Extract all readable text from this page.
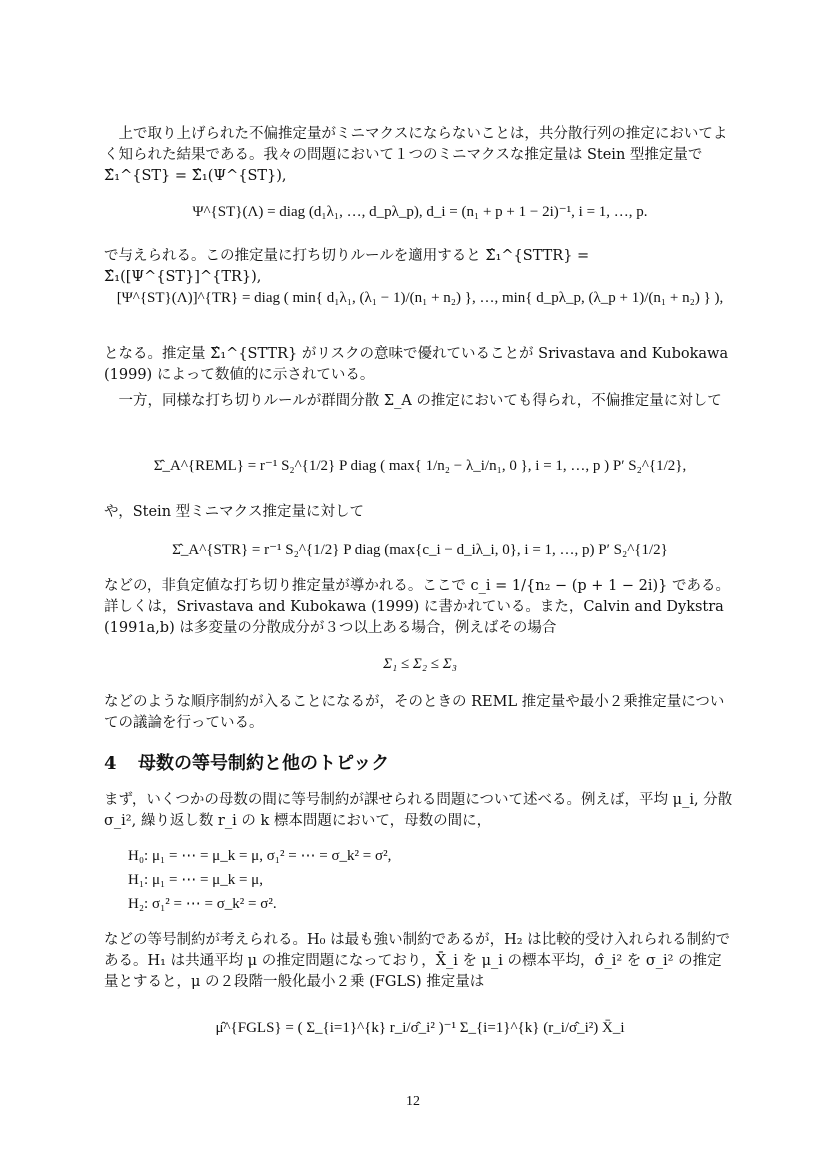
上で取り上げられた不偏推定量がミニマクスにならないことは，共分散行列の推定においてよく知られた結果である。我々の問題において１つのミニマクスな推定量は Stein 型推定量で Σ̂₁^{ST} = Σ̂₁(Ψ^{ST}),

Ψ^{ST}(Λ) = diag (d₁λ₁, …, d_pλ_p), d_i = (n₁ + p + 1 − 2i)⁻¹, i = 1, …, p.

で与えられる。この推定量に打ち切りルールを適用すると Σ̂₁^{STTR} = Σ̂₁([Ψ^{ST}]^{TR}),

[Ψ^{ST}(Λ)]^{TR} = diag ( min{ d₁λ₁, (λ₁ − 1)/(n₁ + n₂) }, …, min{ d_pλ_p, (λ_p + 1)/(n₁ + n₂) } ),

となる。推定量 Σ̂₁^{STTR} がリスクの意味で優れていることが Srivastava and Kubokawa (1999) によって数値的に示されている。

一方，同様な打ち切りルールが群間分散 Σ_A の推定においても得られ，不偏推定量に対して

Σ̂_A^{REML} = r⁻¹ S₂^{1/2} P diag ( max{ 1/n₂ − λ_i/n₁, 0 }, i = 1, …, p ) P′ S₂^{1/2},

や，Stein 型ミニマクス推定量に対して

Σ̂_A^{STR} = r⁻¹ S₂^{1/2} P diag (max{c_i − d_iλ_i, 0}, i = 1, …, p) P′ S₂^{1/2}

などの，非負定値な打ち切り推定量が導かれる。ここで c_i = 1/{n₂ − (p + 1 − 2i)} である。詳しくは，Srivastava and Kubokawa (1999) に書かれている。また，Calvin and Dykstra (1991a,b) は多変量の分散成分が３つ以上ある場合，例えばその場合

Σ₁ ≤ Σ₂ ≤ Σ₃

などのような順序制約が入ることになるが，そのときの REML 推定量や最小２乗推定量についての議論を行っている。

4 母数の等号制約と他のトピック

まず，いくつかの母数の間に等号制約が課せられる問題について述べる。例えば，平均 μ_i, 分散 σ_i², 繰り返し数 r_i の k 標本問題において，母数の間に，

H₀: μ₁ = ⋯ = μ_k = μ, σ₁² = ⋯ = σ_k² = σ²,
H₁: μ₁ = ⋯ = μ_k = μ,
H₂: σ₁² = ⋯ = σ_k² = σ².

などの等号制約が考えられる。H₀ は最も強い制約であるが，H₂ は比較的受け入れられる制約である。H₁ は共通平均 μ の推定問題になっており，X̄_i を μ_i の標本平均，σ̂_i² を σ_i² の推定量とすると，μ の２段階一般化最小２乗 (FGLS) 推定量は

μ̂^{FGLS} = ( Σ_{i=1}^{k} r_i/σ̂_i² )⁻¹ Σ_{i=1}^{k} (r_i/σ̂_i²) X̄_i
12
